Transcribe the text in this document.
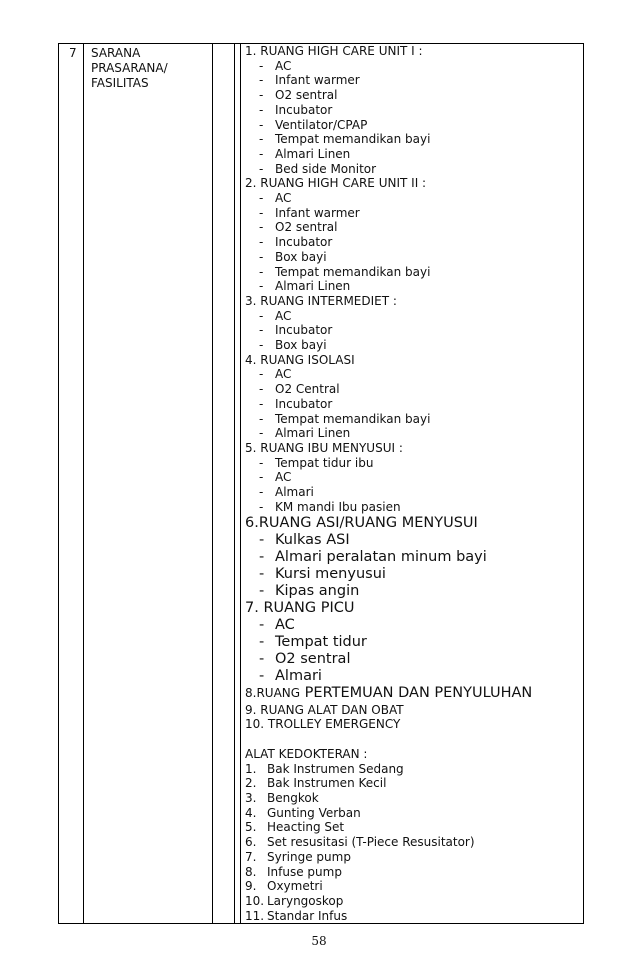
7 SARANA
PRASARANA/
FASILITAS
1. RUANG HIGH CARE UNIT I :
- AC
- Infant warmer
- O2 sentral
- Incubator
- Ventilator/CPAP
- Tempat memandikan bayi
- Almari Linen
- Bed side Monitor
2. RUANG HIGH CARE UNIT II :
- AC
- Infant warmer
- O2 sentral
- Incubator
- Box bayi
- Tempat memandikan bayi
- Almari Linen
3. RUANG INTERMEDIET :
- AC
- Incubator
- Box bayi
4. RUANG ISOLASI
- AC
- O2 Central
- Incubator
- Tempat memandikan bayi
- Almari Linen
5. RUANG IBU MENYUSUI :
- Tempat tidur ibu
- AC
- Almari
- KM mandi Ibu pasien
6.RUANG ASI/RUANG MENYUSUI
- Kulkas ASI
- Almari peralatan minum bayi
- Kursi menyusui
- Kipas angin
7. RUANG PICU
- AC
- Tempat tidur
- O2 sentral
- Almari
8.RUANG PERTEMUAN DAN PENYULUHAN
9. RUANG ALAT DAN OBAT
10. TROLLEY EMERGENCY
ALAT KEDOKTERAN :
1. Bak Instrumen Sedang
2. Bak Instrumen Kecil
3. Bengkok
4. Gunting Verban
5. Heacting Set
6. Set resusitasi (T-Piece Resusitator)
7. Syringe pump
8. Infuse pump
9. Oxymetri
10. Laryngoskop
11. Standar Infus
58
